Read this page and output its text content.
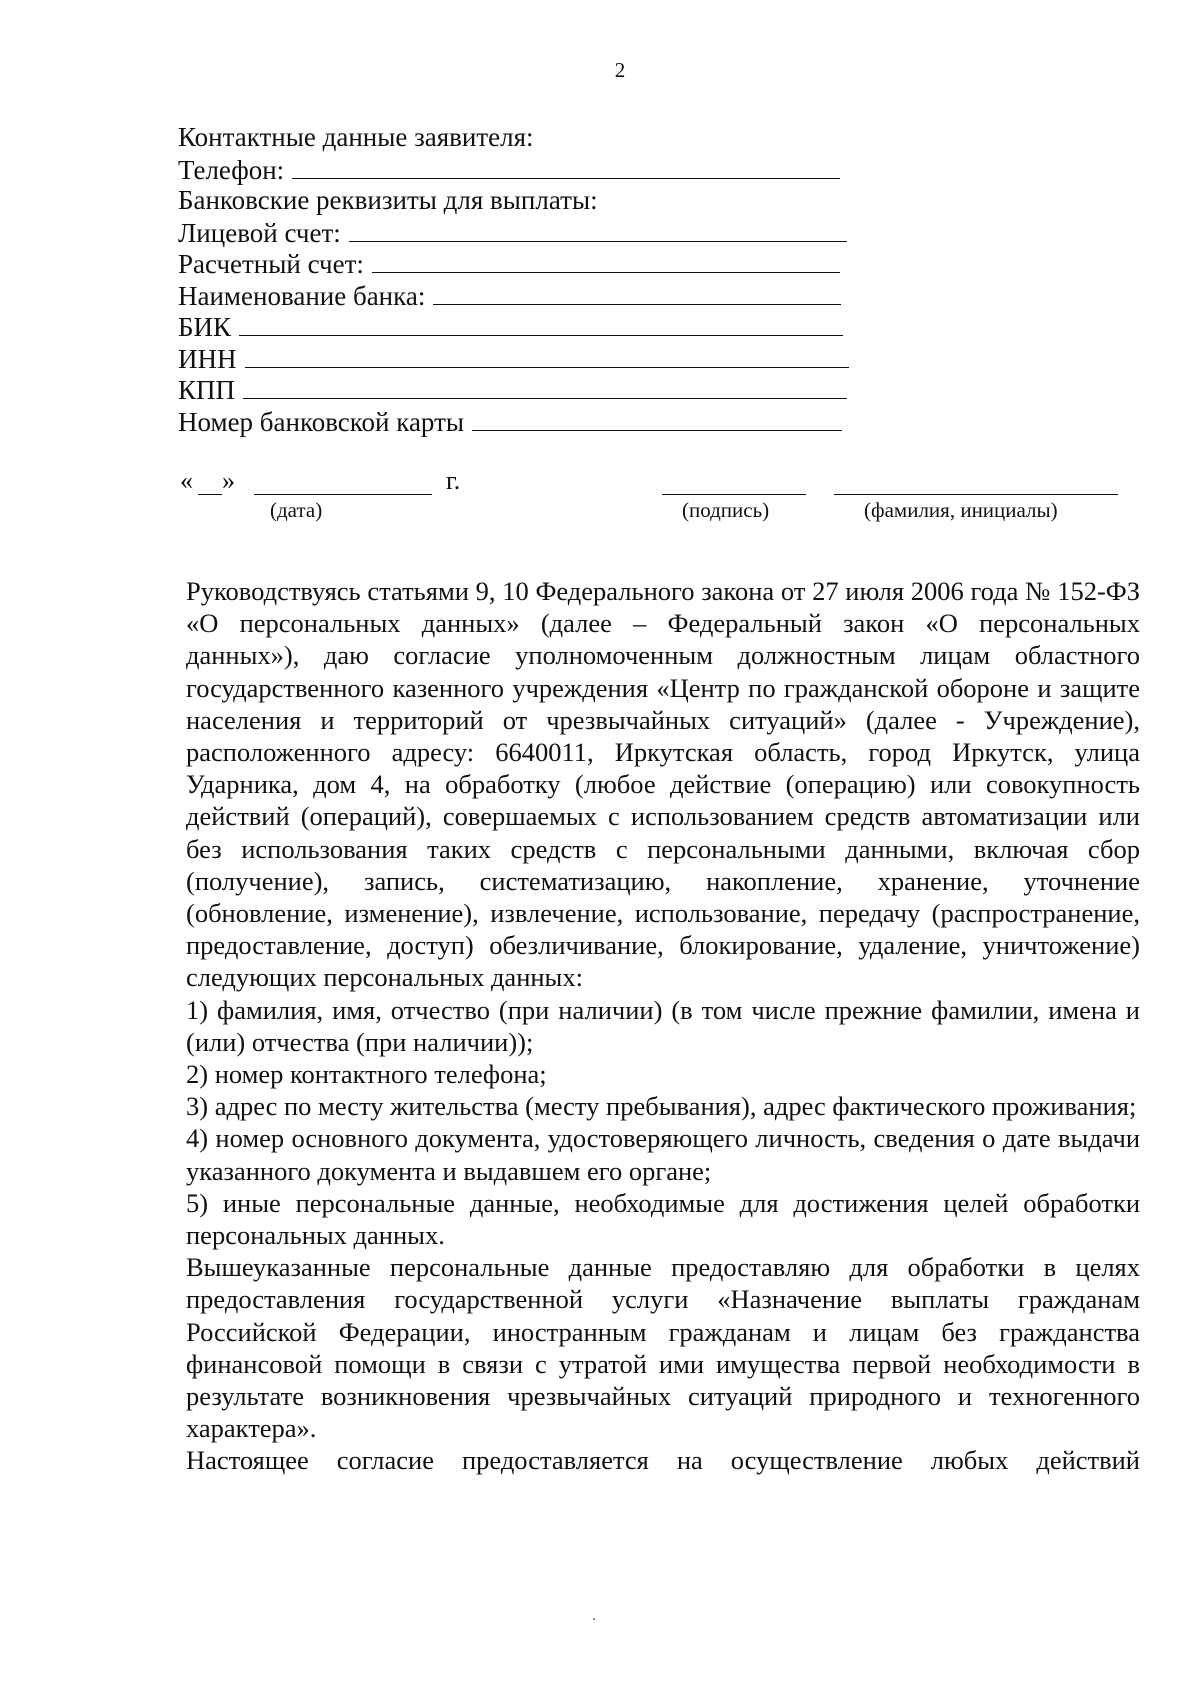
2
Контактные данные заявителя:
Телефон:
Банковские реквизиты для выплаты:
Лицевой счет:
Расчетный счет:
Наименование банка:
БИК
ИНН
КПП
Номер банковской карты
« »	г.
(дата)	(подпись)	(фамилия, инициалы)

Руководствуясь статьями 9, 10 Федерального закона от 27 июля 2006 года № 152-ФЗ «О персональных данных» (далее – Федеральный закон «О персональных данных»), даю согласие уполномоченным должностным лицам областного государственного казенного учреждения «Центр по гражданской обороне и защите населения и территорий от чрезвычайных ситуаций» (далее - Учреждение), расположенного адресу: 6640011, Иркутская область, город Иркутск, улица Ударника, дом 4, на обработку (любое действие (операцию) или совокупность действий (операций), совершаемых с использованием средств автоматизации или без использования таких средств с персональными данными, включая сбор (получение), запись, систематизацию, накопление, хранение, уточнение (обновление, изменение), извлечение, использование, передачу (распространение, предоставление, доступ) обезличивание, блокирование, удаление, уничтожение) следующих персональных данных:

1) фамилия, имя, отчество (при наличии) (в том числе прежние фамилии, имена и (или) отчества (при наличии));

2) номер контактного телефона;

3) адрес по месту жительства (месту пребывания), адрес фактического проживания;

4) номер основного документа, удостоверяющего личность, сведения о дате выдачи указанного документа и выдавшем его органе;

5) иные персональные данные, необходимые для достижения целей обработки персональных данных.

Вышеуказанные персональные данные предоставляю для обработки в целях предоставления государственной услуги «Назначение выплаты гражданам Российской Федерации, иностранным гражданам и лицам без гражданства финансовой помощи в связи с утратой ими имущества первой необходимости в результате возникновения чрезвычайных ситуаций природного и техногенного характера».

Настоящее согласие предоставляется на осуществление любых действий
